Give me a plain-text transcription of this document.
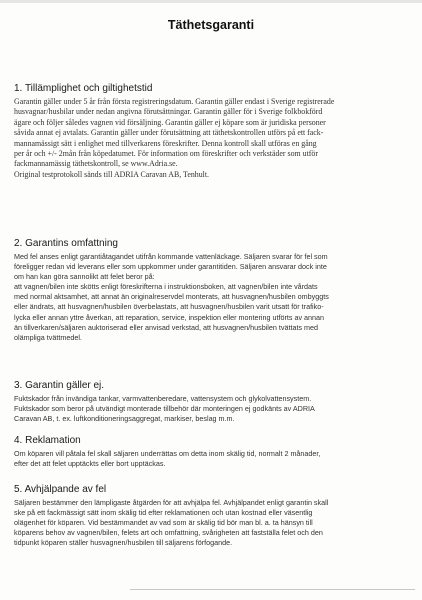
Täthetsgaranti
1. Tillämplighet och giltighetstid
Garantin gäller under 5 år från första registreringsdatum. Garantin gäller endast i Sverige registrerade
husvagnar/husbilar under nedan angivna förutsättningar. Garantin gäller för i Sverige folkbokförd
ägare och följer således vagnen vid försäljning. Garantin gäller ej köpare som är juridiska personer
såvida annat ej avtalats. Garantin gäller under förutsättning att täthetskontrollen utförs på ett fack-
mannamässigt sätt i enlighet med tillverkarens föreskrifter. Denna kontroll skall utföras en gång
per år och +/- 2mån från köpedatumet. För information om föreskrifter och verkstäder som utför
fackmannamässig täthetskontroll, se www.Adria.se.
Original testprotokoll sänds till ADRIA Caravan AB, Tenhult.
2. Garantins omfattning
Med fel anses enligt garantiåtagandet utifrån kommande vattenläckage. Säljaren svarar för fel som
föreligger redan vid leverans eller som uppkommer under garantitiden. Säljaren ansvarar dock inte
om han kan göra sannolikt att felet beror på:
att vagnen/bilen inte skötts enligt föreskrifterna i instruktionsboken, att vagnen/bilen inte vårdats
med normal aktsamhet, att annat än originalreservdel monterats, att husvagnen/husbilen ombyggts
eller ändrats, att husvagnen/husbilen överbelastats, att husvagnen/husbilen varit utsatt för trafiko-
lycka eller annan yttre åverkan, att reparation, service, inspektion eller montering utförts av annan
än tillverkaren/säljaren auktoriserad eller anvisad verkstad, att husvagnen/husbilen tvättats med
olämpliga tvättmedel.
3. Garantin gäller ej.
Fuktskador från invändiga tankar, varmvattenberedare, vattensystem och glykolvattensystem.
Fuktskador som beror på utvändigt monterade tillbehör där monteringen ej godkänts av ADRIA
Caravan AB, t. ex. luftkonditioneringsaggregat, markiser, beslag m.m.
4. Reklamation
Om köparen vill påtala fel skall säljaren underrättas om detta inom skälig tid, normalt 2 månader,
efter det att felet upptäckts eller bort upptäckas.
5. Avhjälpande av fel
Säljaren bestämmer den lämpligaste åtgärden för att avhjälpa fel. Avhjälpandet enligt garantin skall
ske på ett fackmässigt sätt inom skälig tid efter reklamationen och utan kostnad eller väsentlig
olägenhet för köparen. Vid bestämmandet av vad som är skälig tid bör man bl. a. ta hänsyn till
köparens behov av vagnen/bilen, felets art och omfattning, svårigheten att fastställa felet och den
tidpunkt köparen ställer husvagnen/husbilen till säljarens förfogande.
